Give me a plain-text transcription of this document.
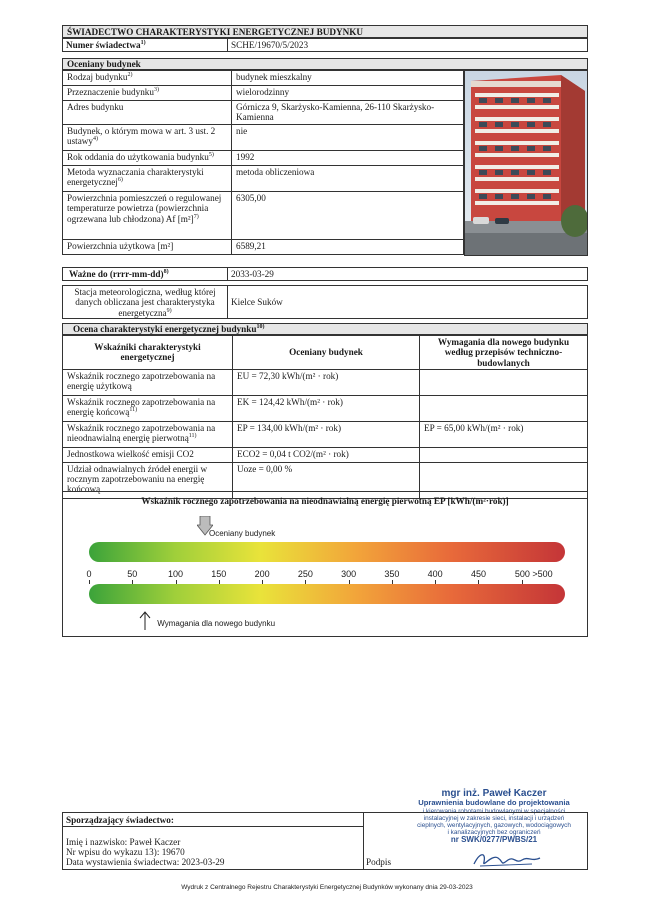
ŚWIADECTWO CHARAKTERYSTYKI ENERGETYCZNEJ BUDYNKU
Numer świadectwa$^{1)}$	SCHE/19670/5/2023
Oceniany budynek
Rodzaj budynku$^{2)}$	budynek mieszkalny
Przeznaczenie budynku$^{3)}$	wielorodzinny
Adres budynku	Górnicza 9, Skarżysko-Kamienna, 26-110 Skarżysko-Kamienna
Budynek, o którym mowa w art. 3 ust. 2 ustawy$^{4)}$	nie
Rok oddania do użytkowania budynku$^{5)}$	1992
Metoda wyznaczania charakterystyki energetycznej$^{6)}$	metoda obliczeniowa
Powierzchnia pomieszczeń o regulowanej temperaturze powietrza (powierzchnia ogrzewana lub chłodzona) Af $[m^2]^{7)}$	6305,00
Powierzchnia użytkowa [m²]	6589,21
Ważne do (rrrr-mm-dd)$^{8)}$	2033-03-29
Stacja meteorologiczna, według której danych obliczana jest charakterystyka energetyczna$^{9)}$
Kielce Suków
Ocena charakterystyki energetycznej budynku$^{10)}$
Wskaźniki charakterystyki energetycznej	Oceniany budynek	Wymagania dla nowego budynku według przepisów techniczno-budowlanych
Wskaźnik rocznego zapotrzebowania na energię użytkową	EU = 72,30 kWh/(m² · rok)	
Wskaźnik rocznego zapotrzebowania na energię końcową$^{11)}$	EK = 124,42 kWh/(m² · rok)	
Wskaźnik rocznego zapotrzebowania na nieodnawialną energię pierwotną$^{11)}$	EP = 134,00 kWh/(m² · rok)	EP = 65,00 kWh/(m² · rok)
Jednostkowa wielkość emisji CO2	ECO2 = 0,04 t CO2/(m² · rok)	
Udział odnawialnych źródeł energii w rocznym zapotrzebowaniu na energię końcową	Uoze = 0,00 %	
Wskaźnik rocznego zapotrzebowania na nieodnawialną energię pierwotną EP [kWh/(m²·rok)]
Oceniany budynek
0	50	100	150	200	250	300	350	400	450	500 >500
Wymagania dla nowego budynku
mgr inż. Paweł Kaczer
Uprawnienia budowlane do projektowania
i kierowania robotami budowlanymi w specjalności
instalacyjnej w zakresie sieci, instalacji i urządzeń
cieplnych, wentylacyjnych, gazowych, wodociągowych
i kanalizacyjnych bez ograniczeń
nr SWK/0277/PWBS/21
Sporządzający świadectwo:
Imię i nazwisko: Paweł Kaczer
Nr wpisu do wykazu 13): 19670
Data wystawienia świadectwa: 2023-03-29	Podpis
Wydruk z Centralnego Rejestru Charakterystyki Energetycznej Budynków wykonany dnia 29-03-2023
